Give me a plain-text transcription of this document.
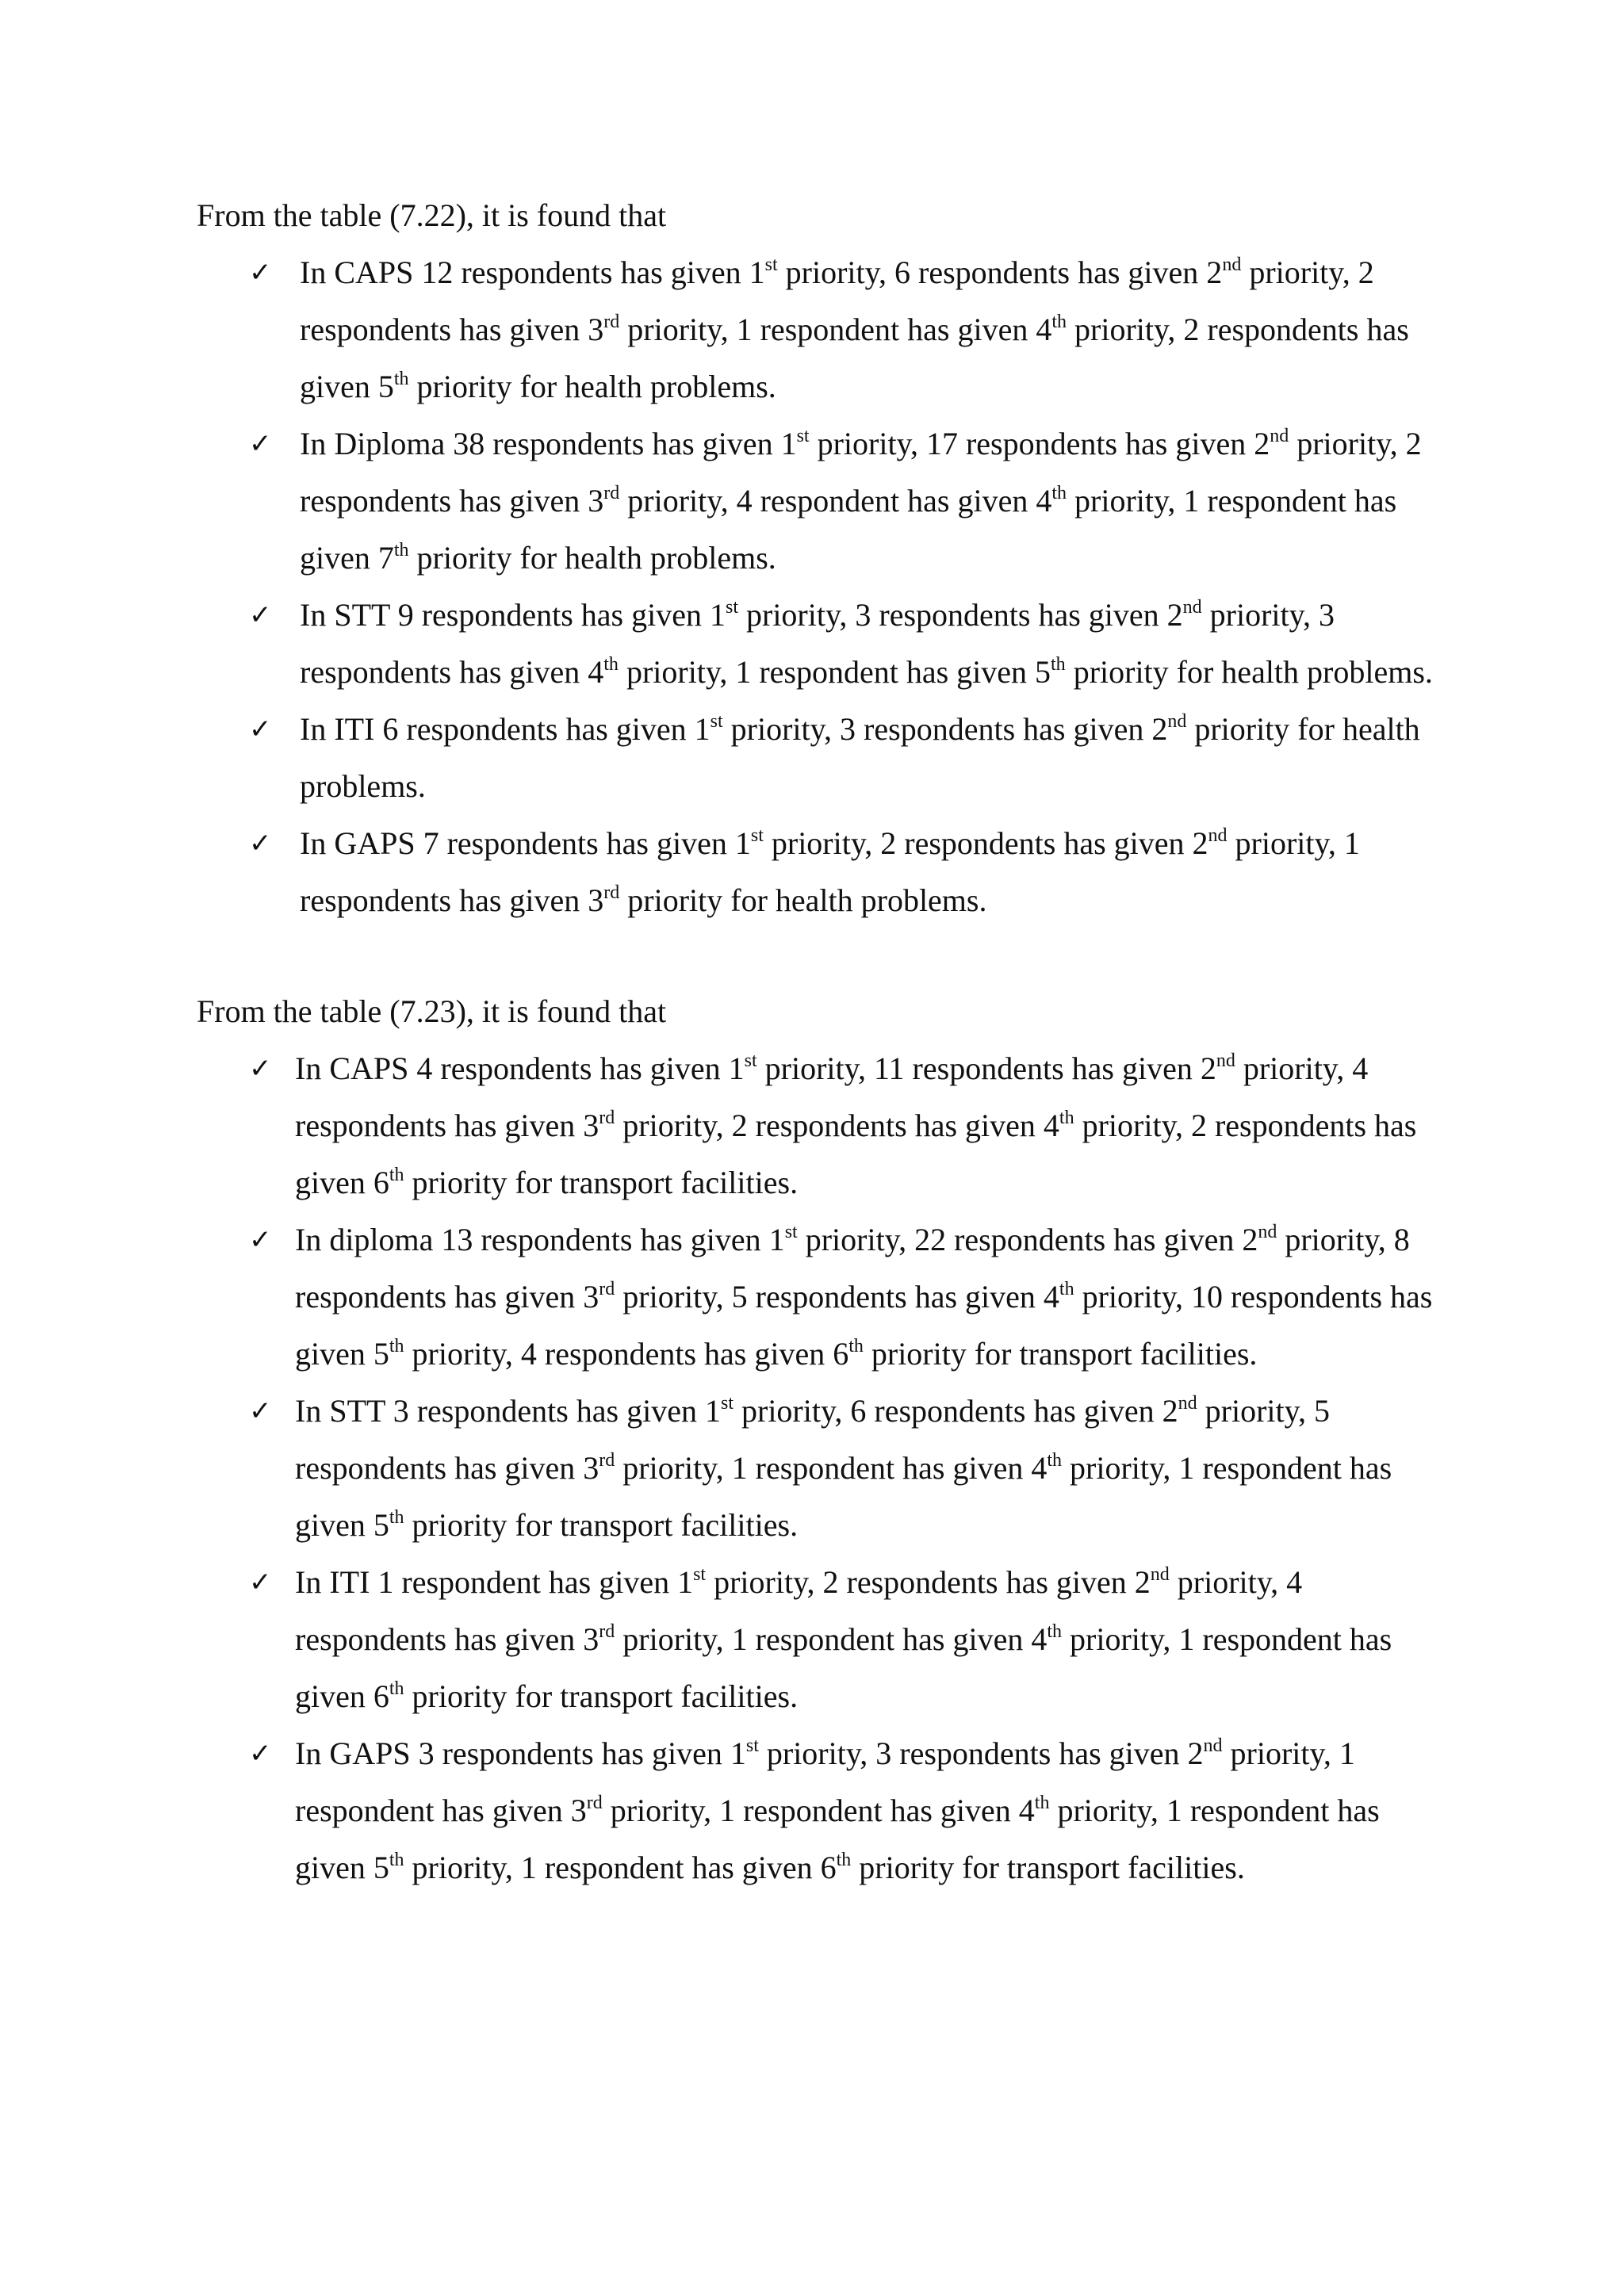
From the table (7.22), it is found that

✓ In CAPS 12 respondents has given 1st priority, 6 respondents has given 2nd priority, 2 respondents has given 3rd priority, 1 respondent has given 4th priority, 2 respondents has given 5th priority for health problems.
✓ In Diploma 38 respondents has given 1st priority, 17 respondents has given 2nd priority, 2 respondents has given 3rd priority, 4 respondent has given 4th priority, 1 respondent has given 7th priority for health problems.
✓ In STT 9 respondents has given 1st priority, 3 respondents has given 2nd priority, 3 respondents has given 4th priority, 1 respondent has given 5th priority for health problems.
✓ In ITI 6 respondents has given 1st priority, 3 respondents has given 2nd priority for health problems.
✓ In GAPS 7 respondents has given 1st priority, 2 respondents has given 2nd priority, 1 respondents has given 3rd priority for health problems.

From the table (7.23), it is found that

✓ In CAPS 4 respondents has given 1st priority, 11 respondents has given 2nd priority, 4 respondents has given 3rd priority, 2 respondents has given 4th priority, 2 respondents has given 6th priority for transport facilities.
✓ In diploma 13 respondents has given 1st priority, 22 respondents has given 2nd priority, 8 respondents has given 3rd priority, 5 respondents has given 4th priority, 10 respondents has given 5th priority, 4 respondents has given 6th priority for transport facilities.
✓ In STT 3 respondents has given 1st priority, 6 respondents has given 2nd priority, 5 respondents has given 3rd priority, 1 respondent has given 4th priority, 1 respondent has given 5th priority for transport facilities.
✓ In ITI 1 respondent has given 1st priority, 2 respondents has given 2nd priority, 4 respondents has given 3rd priority, 1 respondent has given 4th priority, 1 respondent has given 6th priority for transport facilities.
✓ In GAPS 3 respondents has given 1st priority, 3 respondents has given 2nd priority, 1 respondent has given 3rd priority, 1 respondent has given 4th priority, 1 respondent has given 5th priority, 1 respondent has given 6th priority for transport facilities.
